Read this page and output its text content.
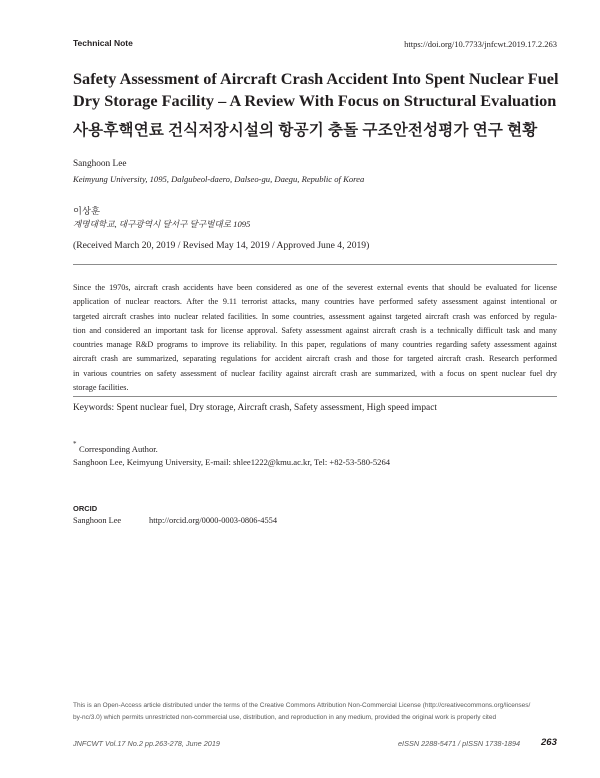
Technical Note	https://doi.org/10.7733/jnfcwt.2019.17.2.263
Safety Assessment of Aircraft Crash Accident Into Spent Nuclear Fuel
Dry Storage Facility – A Review With Focus on Structural Evaluation
사용후핵연료 건식저장시설의 항공기 충돌 구조안전성평가 연구 현황
Sanghoon Lee
Keimyung University, 1095, Dalgubeol-daero, Dalseo-gu, Daegu, Republic of Korea
이상훈
계명대학교, 대구광역시 달서구 달구벌대로 1095
(Received March 20, 2019 / Revised May 14, 2019 / Approved June 4, 2019)
Since the 1970s, aircraft crash accidents have been considered as one of the severest external events that should be evaluated for license
application of nuclear reactors. After the 9.11 terrorist attacks, many countries have performed safety assessment against intentional or
targeted aircraft crashes into nuclear related facilities. In some countries, assessment against targeted aircraft crash was enforced by regula-
tion and considered an important task for license approval. Safety assessment against aircraft crash is a technically difficult task and many
countries manage R&D programs to improve its reliability. In this paper, regulations of many countries regarding safety assessment against
aircraft crash are summarized, separating regulations for accident aircraft crash and those for targeted aircraft crash. Research performed
in various countries on safety assessment of nuclear facility against aircraft crash are summarized, with a focus on spent nuclear fuel dry
storage facilities.
Keywords: Spent nuclear fuel, Dry storage, Aircraft crash, Safety assessment, High speed impact
* Corresponding Author.
Sanghoon Lee, Keimyung University, E-mail: shlee1222@kmu.ac.kr, Tel: +82-53-580-5264
ORCID
Sanghoon Lee	http://orcid.org/0000-0003-0806-4554
This is an Open-Access article distributed under the terms of the Creative Commons Attribution Non-Commercial License (http://creativecommons.org/licenses/
by-nc/3.0) which permits unrestricted non-commercial use, distribution, and reproduction in any medium, provided the original work is properly cited
JNFCWT Vol.17 No.2 pp.263-278, June 2019	eISSN 2288-5471 / pISSN 1738-1894 263
